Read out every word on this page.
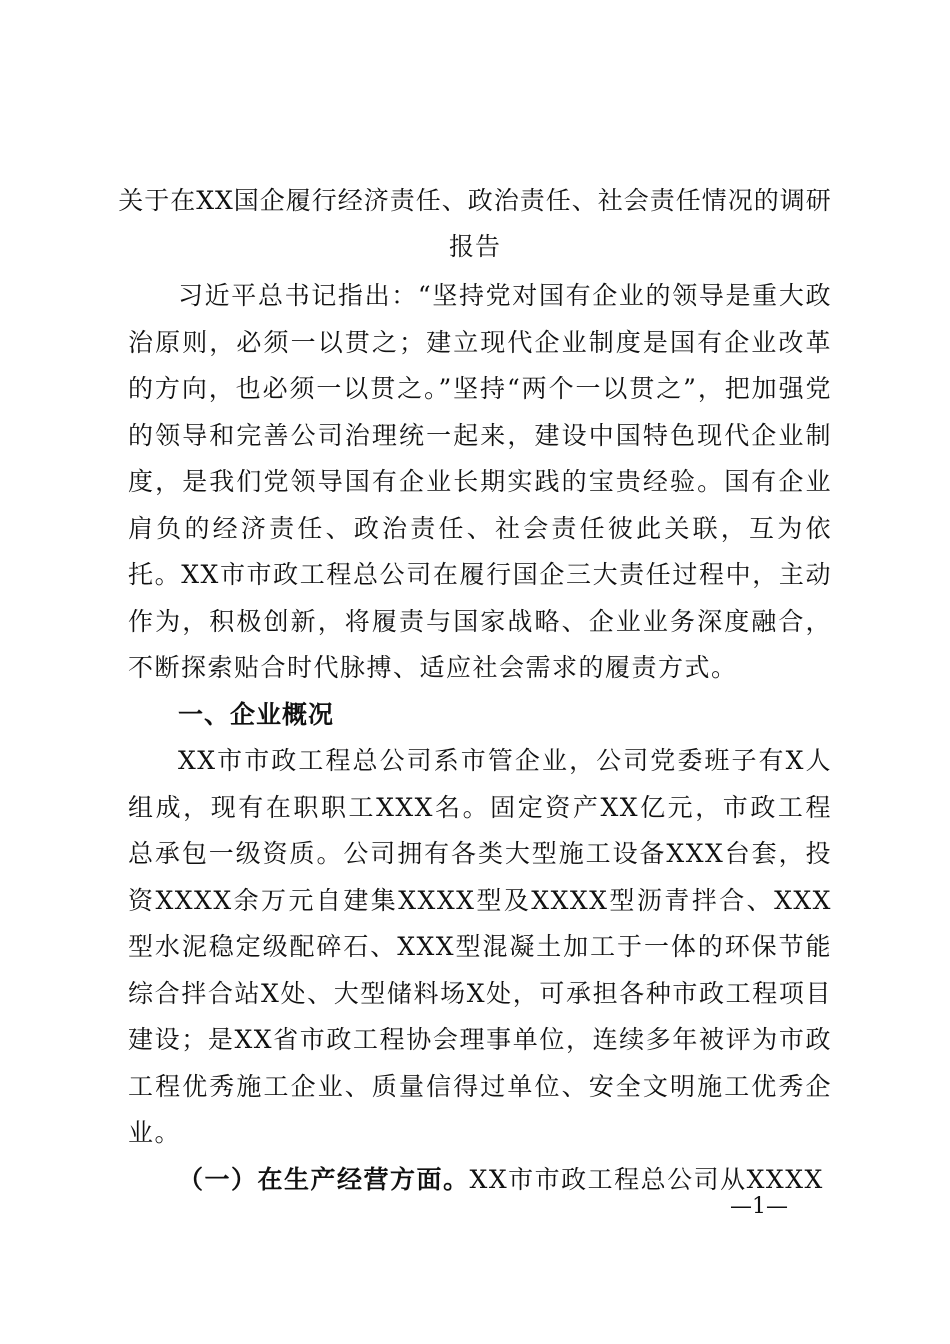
关于在XX国企履行经济责任、政治责任、社会责任情况的调研报告

习近平总书记指出：“坚持党对国有企业的领导是重大政治原则，必须一以贯之；建立现代企业制度是国有企业改革的方向，也必须一以贯之。”坚持“两个一以贯之”，把加强党的领导和完善公司治理统一起来，建设中国特色现代企业制度，是我们党领导国有企业长期实践的宝贵经验。国有企业肩负的经济责任、政治责任、社会责任彼此关联，互为依托。XX市市政工程总公司在履行国企三大责任过程中，主动作为，积极创新，将履责与国家战略、企业业务深度融合，不断探索贴合时代脉搏、适应社会需求的履责方式。

一、企业概况

XX市市政工程总公司系市管企业，公司党委班子有X人组成，现有在职职工XXX名。固定资产XX亿元，市政工程总承包一级资质。公司拥有各类大型施工设备XXX台套，投资XXXX余万元自建集XXXX型及XXXX型沥青拌合、XXX型水泥稳定级配碎石、XXX型混凝土加工于一体的环保节能综合拌合站X处、大型储料场X处，可承担各种市政工程项目建设；是XX省市政工程协会理事单位，连续多年被评为市政工程优秀施工企业、质量信得过单位、安全文明施工优秀企业。

（一）在生产经营方面。XX市市政工程总公司从XXXX

—1—
